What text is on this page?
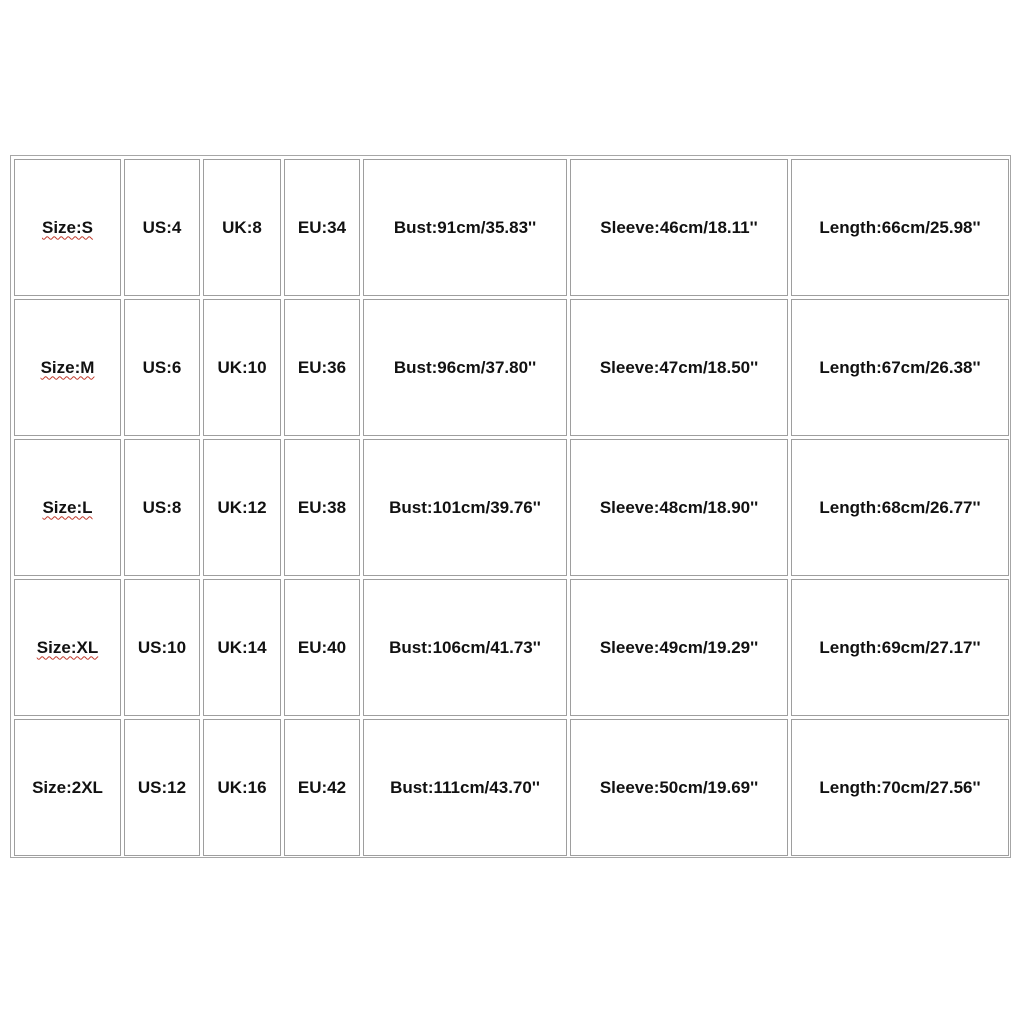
Size:S	US:4	UK:8	EU:34	Bust:91cm/35.83''	Sleeve:46cm/18.11''	Length:66cm/25.98''
Size:M	US:6	UK:10	EU:36	Bust:96cm/37.80''	Sleeve:47cm/18.50''	Length:67cm/26.38''
Size:L	US:8	UK:12	EU:38	Bust:101cm/39.76''	Sleeve:48cm/18.90''	Length:68cm/26.77''
Size:XL	US:10	UK:14	EU:40	Bust:106cm/41.73''	Sleeve:49cm/19.29''	Length:69cm/27.17''
Size:2XL	US:12	UK:16	EU:42	Bust:111cm/43.70''	Sleeve:50cm/19.69''	Length:70cm/27.56''
